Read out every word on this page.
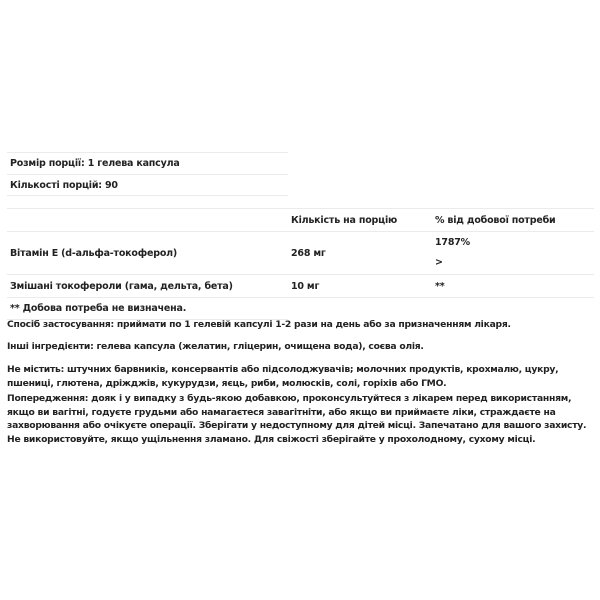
Розмір порції: 1 гелева капсула
Кількості порцій: 90
	Кількість на порцію	% від добової потреби
Вітамін E (d-альфа-токоферол)	268 мг	1787%
>

Змішані токофероли (гама, дельта, бета)	10 мг	**
** Добова потреба не визначена.

Спосіб застосування: приймати по 1 гелевій капсулі 1-2 рази на день або за призначенням лікаря.

Інші інгредієнти: гелева капсула (желатин, гліцерин, очищена вода), соєва олія.

Не містить: штучних барвників, консервантів або підсолоджувачів; молочних продуктів, крохмалю, цукру, пшениці, глютена, дріжджів, кукурудзи, яєць, риби, молюсків, солі, горіхів або ГМО.

Попередження: дояк і у випадку з будь-якою добавкою, проконсультуйтеся з лікарем перед використанням, якщо ви вагітні, годуєте грудьми або намагаєтеся завагітніти, або якщо ви приймаєте ліки, страждаєте на захворювання або очікуєте операції. Зберігати у недоступному для дітей місці. Запечатано для вашого захисту. Не використовуйте, якщо ущільнення зламано. Для свіжості зберігайте у прохолодному, сухому місці.
